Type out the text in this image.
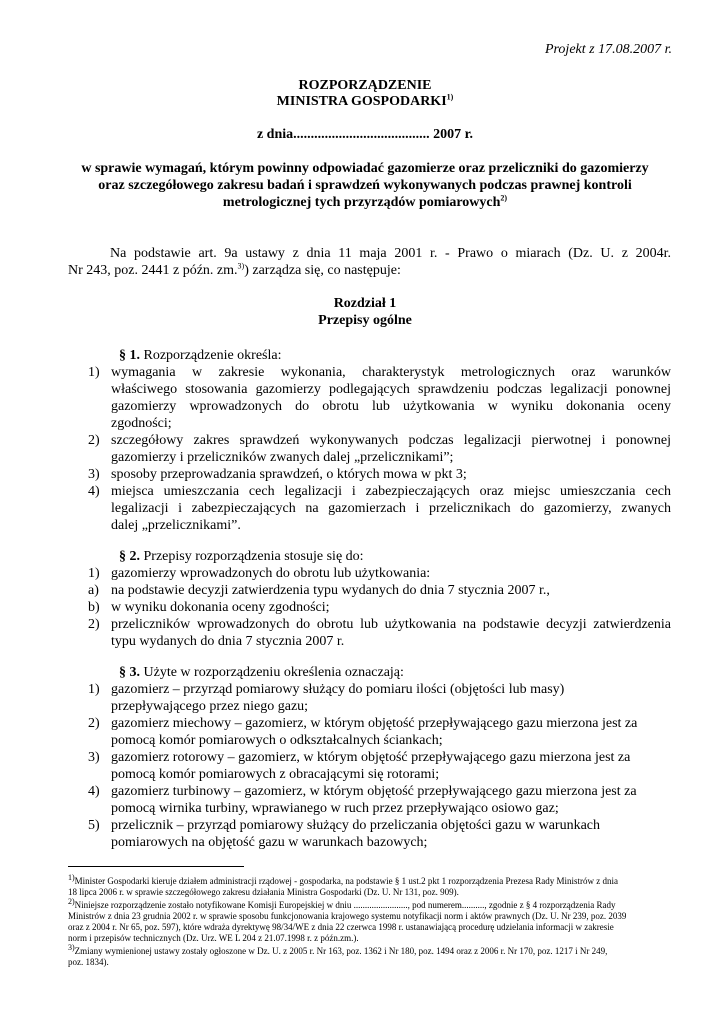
Projekt z 17.08.2007 r.
ROZPORZĄDZENIE
MINISTRA GOSPODARKI$^{1)}$
z dnia....................................... 2007 r.
w sprawie wymagań, którym powinny odpowiadać gazomierze oraz przeliczniki do gazomierzy
oraz szczegółowego zakresu badań i sprawdzeń wykonywanych podczas prawnej kontroli
metrologicznej tych przyrządów pomiarowych$^{2)}$
Na podstawie art. 9a ustawy z dnia 11 maja 2001 r. - Prawo o miarach (Dz. U. z 2004r.
Nr 243, poz. 2441 z późn. zm.$^{3)}$) zarządza się, co następuje:
Rozdział 1
Przepisy ogólne
§ 1. Rozporządzenie określa:
1) wymagania w zakresie wykonania, charakterystyk metrologicznych oraz warunków
właściwego stosowania gazomierzy podlegających sprawdzeniu podczas legalizacji ponownej
gazomierzy wprowadzonych do obrotu lub użytkowania w wyniku dokonania oceny
zgodności;
2) szczegółowy zakres sprawdzeń wykonywanych podczas legalizacji pierwotnej i ponownej
gazomierzy i przeliczników zwanych dalej „przelicznikami”;
3) sposoby przeprowadzania sprawdzeń, o których mowa w pkt 3;
4) miejsca umieszczania cech legalizacji i zabezpieczających oraz miejsc umieszczania cech
legalizacji i zabezpieczających na gazomierzach i przelicznikach do gazomierzy, zwanych
dalej „przelicznikami”.
§ 2. Przepisy rozporządzenia stosuje się do:
1) gazomierzy wprowadzonych do obrotu lub użytkowania:
a) na podstawie decyzji zatwierdzenia typu wydanych do dnia 7 stycznia 2007 r.,
b) w wyniku dokonania oceny zgodności;
2) przeliczników wprowadzonych do obrotu lub użytkowania na podstawie decyzji zatwierdzenia
typu wydanych do dnia 7 stycznia 2007 r.
§ 3. Użyte w rozporządzeniu określenia oznaczają:
1) gazomierz – przyrząd pomiarowy służący do pomiaru ilości (objętości lub masy)
przepływającego przez niego gazu;
2) gazomierz miechowy – gazomierz, w którym objętość przepływającego gazu mierzona jest za
pomocą komór pomiarowych o odkształcalnych ściankach;
3) gazomierz rotorowy – gazomierz, w którym objętość przepływającego gazu mierzona jest za
pomocą komór pomiarowych z obracającymi się rotorami;
4) gazomierz turbinowy – gazomierz, w którym objętość przepływającego gazu mierzona jest za
pomocą wirnika turbiny, wprawianego w ruch przez przepływająco osiowo gaz;
5) przelicznik – przyrząd pomiarowy służący do przeliczania objętości gazu w warunkach
pomiarowych na objętość gazu w warunkach bazowych;
$^{1)}$Minister Gospodarki kieruje działem administracji rządowej - gospodarka, na podstawie § 1 ust.2 pkt 1 rozporządzenia Prezesa Rady Ministrów z dnia
18 lipca 2006 r. w sprawie szczegółowego zakresu działania Ministra Gospodarki (Dz. U. Nr 131, poz. 909).
$^{2)}$Niniejsze rozporządzenie zostało notyfikowane Komisji Europejskiej w dniu ........................, pod numerem.........., zgodnie z § 4 rozporządzenia Rady
Ministrów z dnia 23 grudnia 2002 r. w sprawie sposobu funkcjonowania krajowego systemu notyfikacji norm i aktów prawnych (Dz. U. Nr 239, poz. 2039
oraz z 2004 r. Nr 65, poz. 597), które wdraża dyrektywę 98/34/WE z dnia 22 czerwca 1998 r. ustanawiającą procedurę udzielania informacji w zakresie
norm i przepisów technicznych (Dz. Urz. WE L 204 z 21.07.1998 r. z późn.zm.).
$^{3)}$Zmiany wymienionej ustawy zostały ogłoszone w Dz. U. z 2005 r. Nr 163, poz. 1362 i Nr 180, poz. 1494 oraz z 2006 r. Nr 170, poz. 1217 i Nr 249,
poz. 1834).
